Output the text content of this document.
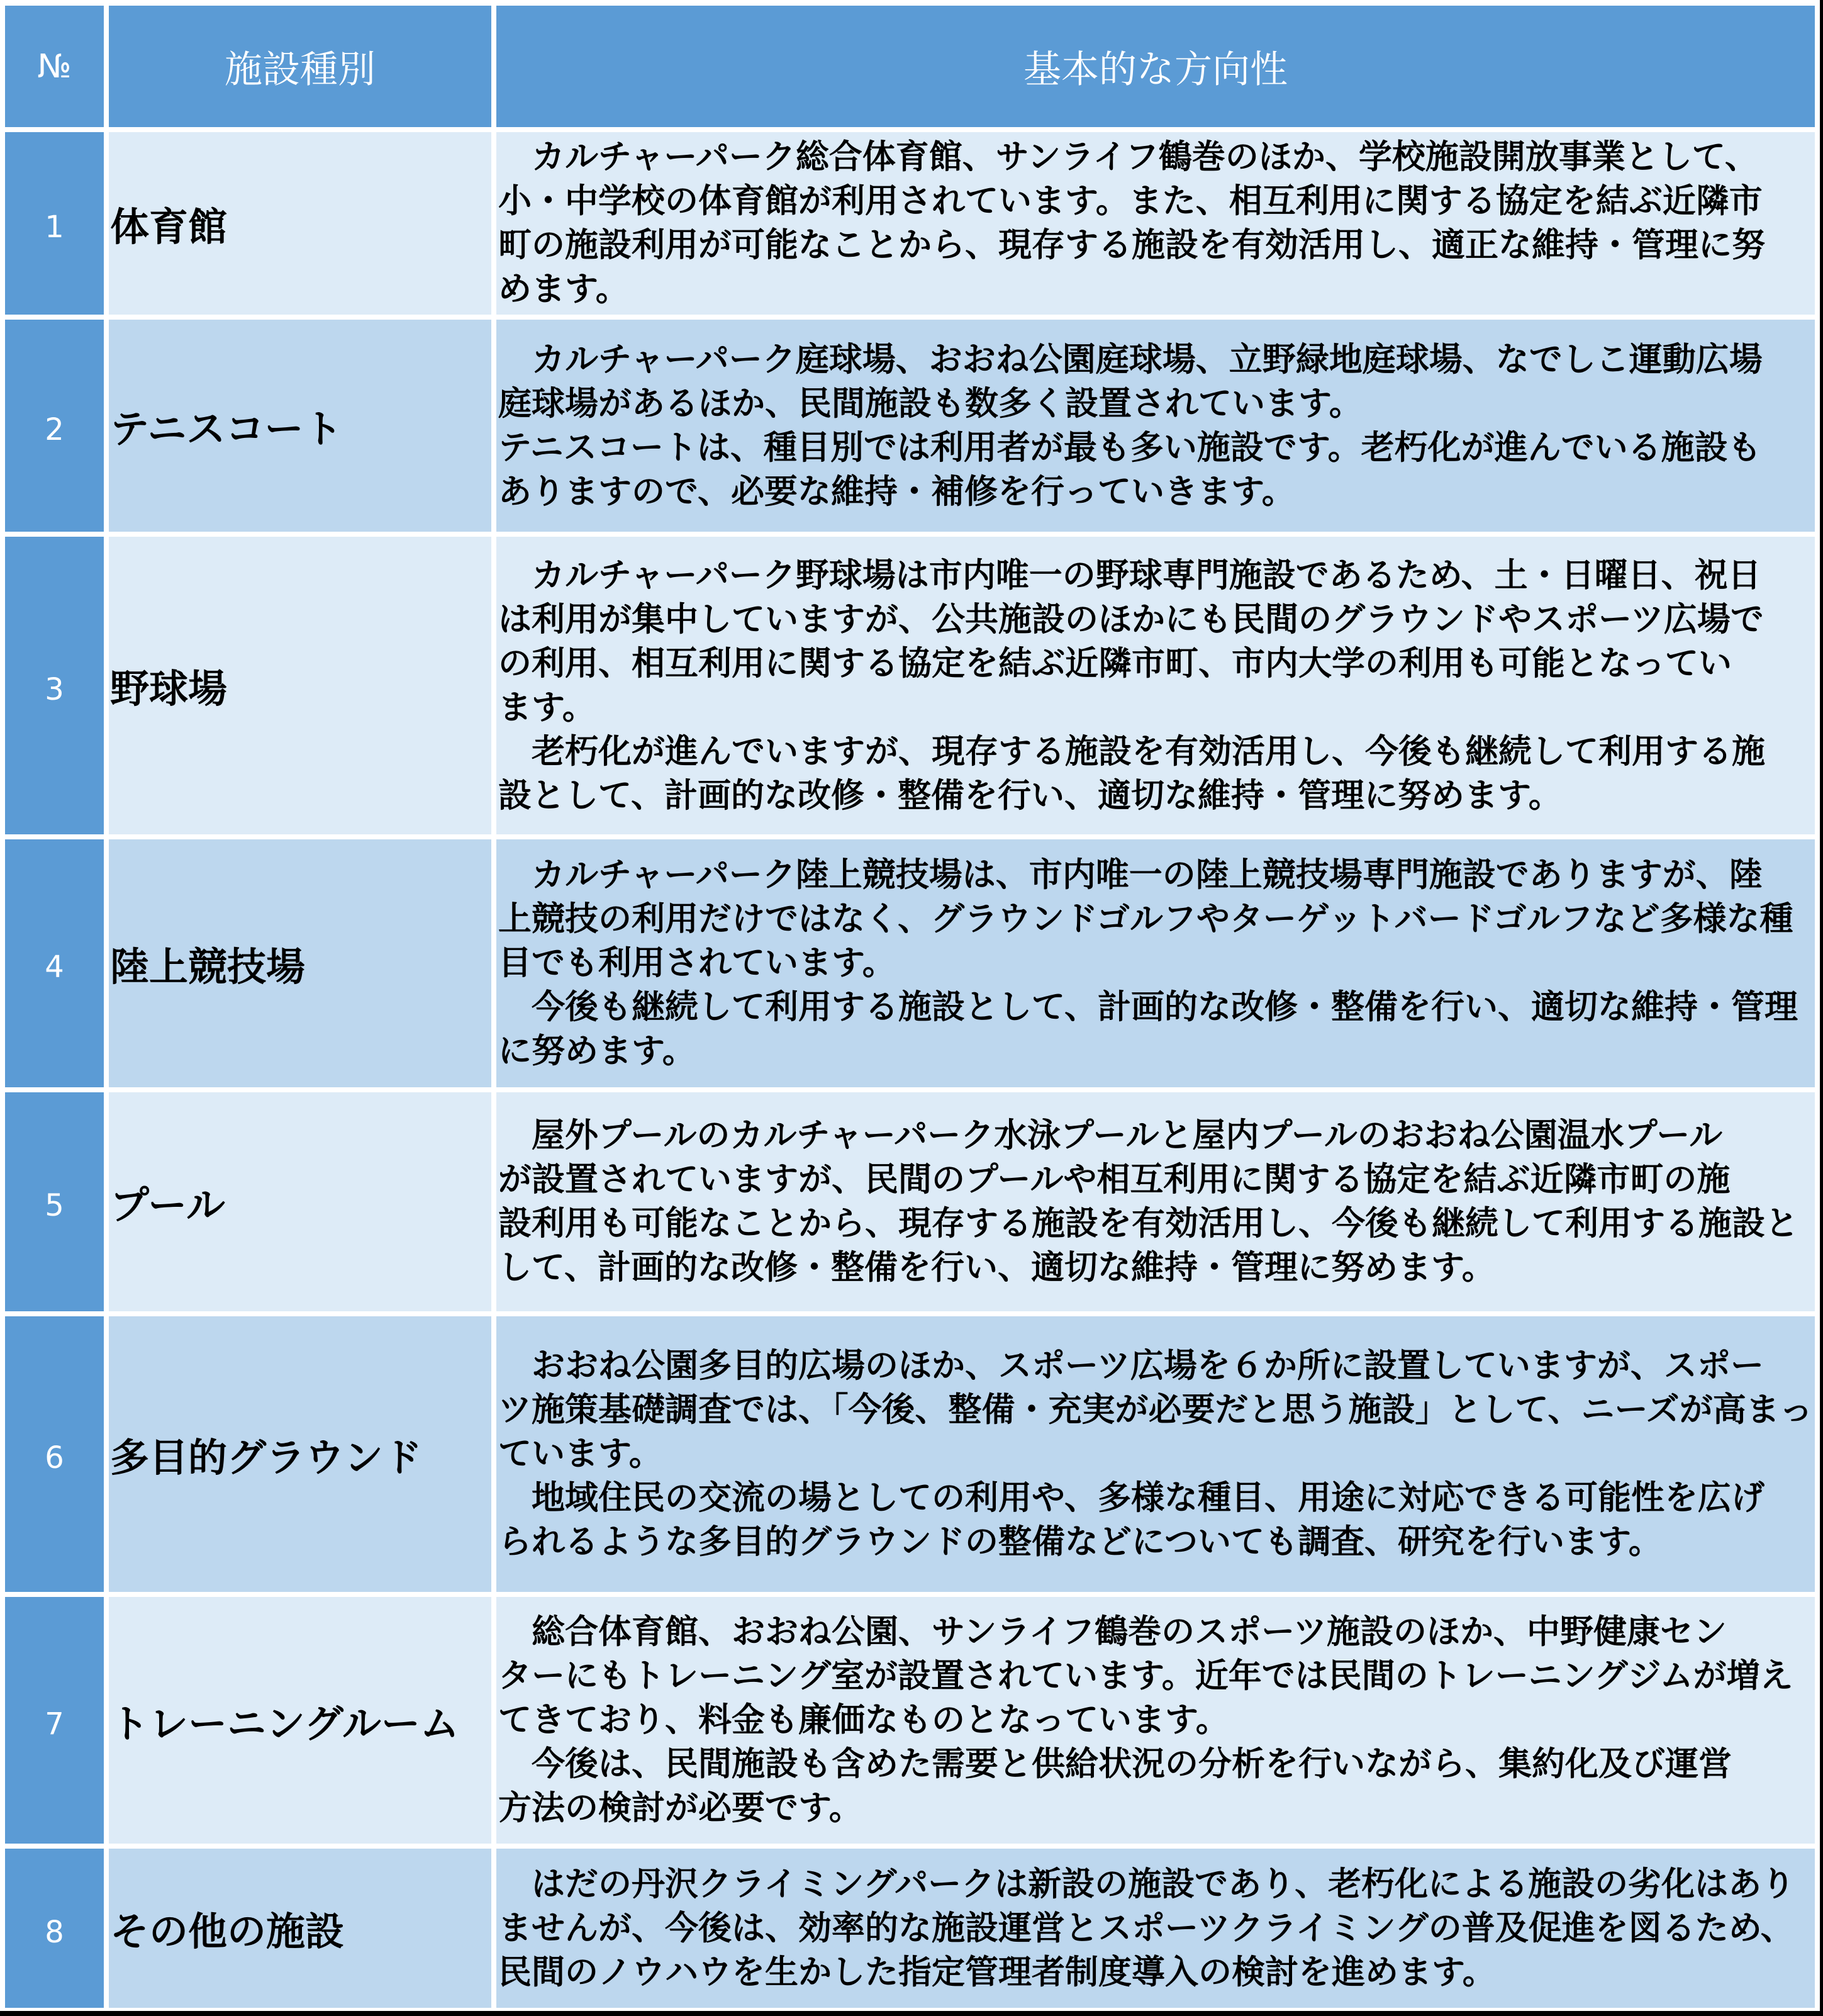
№	施設種別	基本的な方向性
1	体育館
　カルチャーパーク総合体育館、サンライフ鶴巻のほか、学校施設開放事業として、
小・中学校の体育館が利用されています。また、相互利用に関する協定を結ぶ近隣市
町の施設利用が可能なことから、現存する施設を有効活用し、適正な維持・管理に努
めます。
2	テニスコート
　カルチャーパーク庭球場、おおね公園庭球場、立野緑地庭球場、なでしこ運動広場
庭球場があるほか、民間施設も数多く設置されています。
テニスコートは、種目別では利用者が最も多い施設です。老朽化が進んでいる施設も
ありますので、必要な維持・補修を行っていきます。
3	野球場
　カルチャーパーク野球場は市内唯一の野球専門施設であるため、土・日曜日、祝日
は利用が集中していますが、公共施設のほかにも民間のグラウンドやスポーツ広場で
の利用、相互利用に関する協定を結ぶ近隣市町、市内大学の利用も可能となってい
ます。
　老朽化が進んでいますが、現存する施設を有効活用し、今後も継続して利用する施
設として、計画的な改修・整備を行い、適切な維持・管理に努めます。
4	陸上競技場
　カルチャーパーク陸上競技場は、市内唯一の陸上競技場専門施設でありますが、陸
上競技の利用だけではなく、グラウンドゴルフやターゲットバードゴルフなど多様な種
目でも利用されています。
　今後も継続して利用する施設として、計画的な改修・整備を行い、適切な維持・管理
に努めます。
5	プール
　屋外プールのカルチャーパーク水泳プールと屋内プールのおおね公園温水プール
が設置されていますが、民間のプールや相互利用に関する協定を結ぶ近隣市町の施
設利用も可能なことから、現存する施設を有効活用し、今後も継続して利用する施設と
して、計画的な改修・整備を行い、適切な維持・管理に努めます。
6	多目的グラウンド
　おおね公園多目的広場のほか、スポーツ広場を６か所に設置していますが、スポー
ツ施策基礎調査では、「今後、整備・充実が必要だと思う施設」として、ニーズが高まっ
ています。
　地域住民の交流の場としての利用や、多様な種目、用途に対応できる可能性を広げ
られるような多目的グラウンドの整備などについても調査、研究を行います。
7	トレーニングルーム
　総合体育館、おおね公園、サンライフ鶴巻のスポーツ施設のほか、中野健康セン
ターにもトレーニング室が設置されています。近年では民間のトレーニングジムが増え
てきており、料金も廉価なものとなっています。
　今後は、民間施設も含めた需要と供給状況の分析を行いながら、集約化及び運営
方法の検討が必要です。
8	その他の施設
　はだの丹沢クライミングパークは新設の施設であり、老朽化による施設の劣化はあり
ませんが、今後は、効率的な施設運営とスポーツクライミングの普及促進を図るため、
民間のノウハウを生かした指定管理者制度導入の検討を進めます。
